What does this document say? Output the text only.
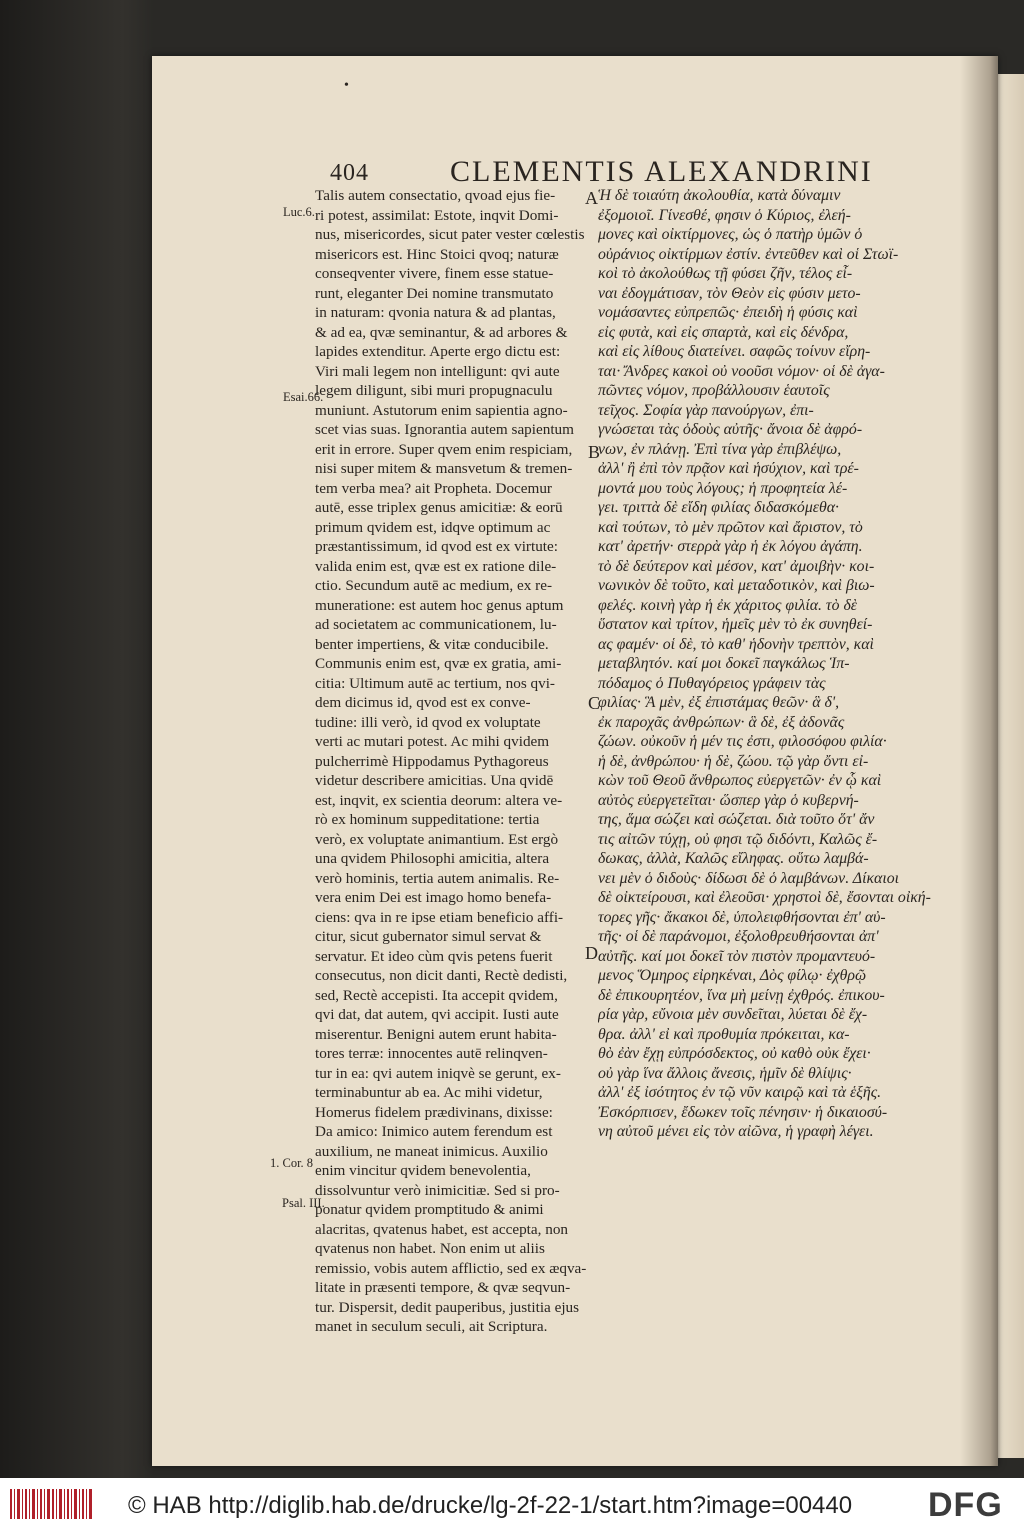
•
404	CLEMENTIS ALEXANDRINI
Luc.6.
Esai.66.
1. Cor. 8
Psal. III.
A
B
C
D

Talis autem consectatio, qvoad ejus fie-

ri potest, assimilat: Estote, inqvit Domi-

nus, misericordes, sicut pater vester cœlestis

misericors est. Hinc Stoici qvoq; naturæ

conseqventer vivere, finem esse statue-

runt, eleganter Dei nomine transmutato

in naturam: qvonia natura & ad plantas,

& ad ea, qvæ seminantur, & ad arbores &

lapides extenditur. Aperte ergo dictu est:

Viri mali legem non intelligunt: qvi aute

legem diligunt, sibi muri propugnaculu

muniunt. Astutorum enim sapientia agno-

scet vias suas. Ignorantia autem sapientum

erit in errore. Super qvem enim respiciam,

nisi super mitem & mansvetum & tremen-

tem verba mea? ait Propheta. Docemur

autē, esse triplex genus amicitiæ: & eorū

primum qvidem est, idqve optimum ac

præstantissimum, id qvod est ex virtute:

valida enim est, qvæ est ex ratione dile-

ctio. Secundum autē ac medium, ex re-

muneratione: est autem hoc genus aptum

ad societatem ac communicationem, lu-

benter impertiens, & vitæ conducibile.

Communis enim est, qvæ ex gratia, ami-

citia: Ultimum autē ac tertium, nos qvi-

dem dicimus id, qvod est ex conve-

tudine: illi verò, id qvod ex voluptate

verti ac mutari potest. Ac mihi qvidem

pulcherrimè Hippodamus Pythagoreus

videtur describere amicitias. Una qvidē

est, inqvit, ex scientia deorum: altera ve-

rò ex hominum suppeditatione: tertia

verò, ex voluptate animantium. Est ergò

una qvidem Philosophi amicitia, altera

verò hominis, tertia autem animalis. Re-

vera enim Dei est imago homo benefa-

ciens: qva in re ipse etiam beneficio affi-

citur, sicut gubernator simul servat &

servatur. Et ideo cùm qvis petens fuerit

consecutus, non dicit danti, Rectè dedisti,

sed, Rectè accepisti. Ita accepit qvidem,

qvi dat, dat autem, qvi accipit. Iusti aute

miserentur. Benigni autem erunt habita-

tores terræ: innocentes autē relinqven-

tur in ea: qvi autem iniqvè se gerunt, ex-

terminabuntur ab ea. Ac mihi videtur,

Homerus fidelem prædivinans, dixisse:

Da amico: Inimico autem ferendum est

auxilium, ne maneat inimicus. Auxilio

enim vincitur qvidem benevolentia,

dissolvuntur verò inimicitiæ. Sed si pro-

ponatur qvidem promptitudo & animi

alacritas, qvatenus habet, est accepta, non

qvatenus non habet. Non enim ut aliis

remissio, vobis autem afflictio, sed ex æqva-

litate in præsenti tempore, & qvæ seqvun-

tur. Dispersit, dedit pauperibus, justitia ejus

manet in seculum seculi, ait Scriptura.

Ἡ δὲ τοιαύτη ἀκολουθία, κατὰ δύναμιν

ἐξομοιοῖ. Γίνεσθέ, φησιν ὁ Κύριος, ἐλεή-

μονες καὶ οἰκτίρμονες, ὡς ὁ πατὴρ ὑμῶν ὁ

οὐράνιος οἰκτίρμων ἐστίν. ἐντεῦθεν καὶ οἱ Στωϊ-

κοὶ τὸ ἀκολούθως τῇ φύσει ζῆν, τέλος εἶ-

ναι ἐδογμάτισαν, τὸν Θεὸν εἰς φύσιν μετο-

νομάσαντες εὐπρεπῶς· ἐπειδὴ ἡ φύσις καὶ

εἰς φυτὰ, καὶ εἰς σπαρτὰ, καὶ εἰς δένδρα,

καὶ εἰς λίθους διατείνει. σαφῶς τοίνυν εἴρη-

ται· Ἄνδρες κακοὶ οὐ νοοῦσι νόμον· οἱ δὲ ἀγα-

πῶντες νόμον, προβάλλουσιν ἑαυτοῖς

τεῖχος. Σοφία γὰρ πανούργων, ἐπι-

γνώσεται τὰς ὁδοὺς αὐτῆς· ἄνοια δὲ ἀφρό-

νων, ἐν πλάνῃ. Ἐπὶ τίνα γὰρ ἐπιβλέψω,

ἀλλ' ἢ ἐπὶ τὸν πρᾷον καὶ ἡσύχιον, καὶ τρέ-

μοντά μου τοὺς λόγους; ἡ προφητεία λέ-

γει. τριττὰ δὲ εἴδη φιλίας διδασκόμεθα·

καὶ τούτων, τὸ μὲν πρῶτον καὶ ἄριστον, τὸ

κατ' ἀρετήν· στερρὰ γὰρ ἡ ἐκ λόγου ἀγάπη.

τὸ δὲ δεύτερον καὶ μέσον, κατ' ἀμοιβὴν· κοι-

νωνικὸν δὲ τοῦτο, καὶ μεταδοτικὸν, καὶ βιω-

φελές. κοινὴ γὰρ ἡ ἐκ χάριτος φιλία. τὸ δὲ

ὕστατον καὶ τρίτον, ἡμεῖς μὲν τὸ ἐκ συνηθεί-

ας φαμέν· οἱ δὲ, τὸ καθ' ἡδονὴν τρεπτὸν, καὶ

μεταβλητόν. καί μοι δοκεῖ παγκάλως Ἱπ-

πόδαμος ὁ Πυθαγόρειος γράφειν τὰς

φιλίας· Ἃ μὲν, ἐξ ἐπιστάμας θεῶν· ἃ δ',

ἐκ παροχᾶς ἀνθρώπων· ἃ δὲ, ἐξ ἀδονᾶς

ζώων. οὐκοῦν ἡ μέν τις ἐστι, φιλοσόφου φιλία·

ἡ δὲ, ἀνθρώπου· ἡ δὲ, ζώου. τῷ γὰρ ὄντι εἰ-

κὼν τοῦ Θεοῦ ἄνθρωπος εὐεργετῶν· ἐν ᾧ καὶ

αὐτὸς εὐεργετεῖται· ὥσπερ γὰρ ὁ κυβερνή-

της, ἅμα σώζει καὶ σώζεται. διὰ τοῦτο ὅτ' ἄν

τις αἰτῶν τύχῃ, οὐ φησι τῷ διδόντι, Καλῶς ἔ-

δωκας, ἀλλὰ, Καλῶς εἴληφας. οὕτω λαμβά-

νει μὲν ὁ διδοὺς· δίδωσι δὲ ὁ λαμβάνων. Δίκαιοι

δὲ οἰκτείρουσι, καὶ ἐλεοῦσι· χρηστοὶ δὲ, ἔσονται οἰκή-

τορες γῆς· ἄκακοι δὲ, ὑπολειφθήσονται ἐπ' αὐ-

τῆς· οἱ δὲ παράνομοι, ἐξολοθρευθήσονται ἀπ'

αὐτῆς. καί μοι δοκεῖ τὸν πιστὸν προμαντευό-

μενος Ὅμηρος εἰρηκέναι, Δὸς φίλῳ· ἐχθρῷ

δὲ ἐπικουρητέον, ἵνα μὴ μείνῃ ἐχθρός. ἐπικου-

ρία γὰρ, εὔνοια μὲν συνδεῖται, λύεται δὲ ἔχ-

θρα. ἀλλ' εἰ καὶ προθυμία πρόκειται, κα-

θὸ ἐὰν ἔχῃ εὐπρόσδεκτος, οὐ καθὸ οὐκ ἔχει·

οὐ γὰρ ἵνα ἄλλοις ἄνεσις, ἡμῖν δὲ θλίψις·

ἀλλ' ἐξ ἰσότητος ἐν τῷ νῦν καιρῷ καὶ τὰ ἑξῆς.

Ἐσκόρπισεν, ἔδωκεν τοῖς πένησιν· ἡ δικαιοσύ-

νη αὐτοῦ μένει εἰς τὸν αἰῶνα, ἡ γραφὴ λέγει.

© HAB http://diglib.hab.de/drucke/lg-2f-22-1/start.htm?image=00440 DFG
